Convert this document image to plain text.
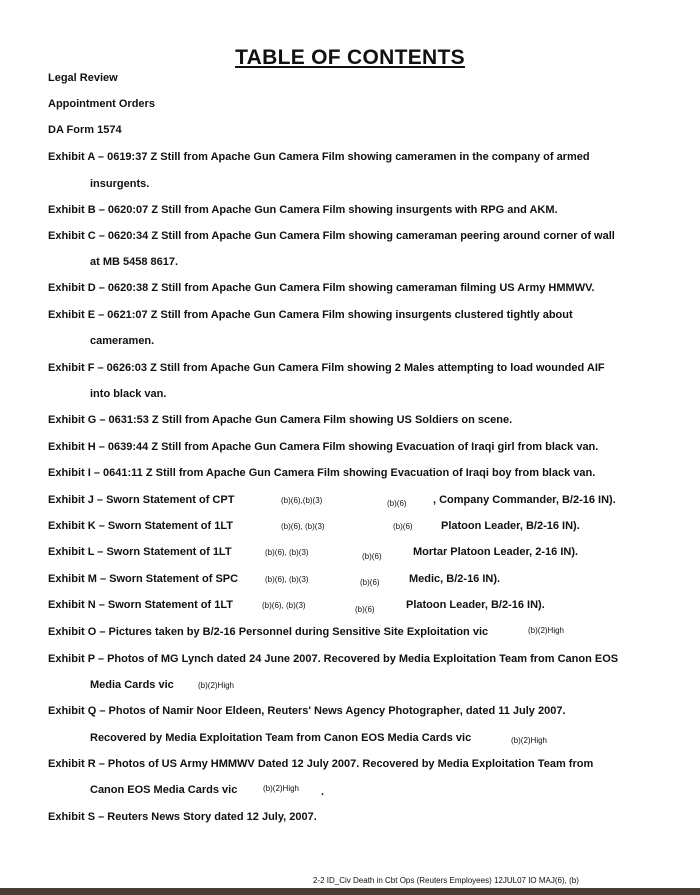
TABLE OF CONTENTS
Legal Review
Appointment Orders
DA Form 1574
Exhibit A – 0619:37 Z Still from Apache Gun Camera Film showing cameramen in the company of armed
insurgents.
Exhibit B – 0620:07 Z Still from Apache Gun Camera Film showing insurgents with RPG and AKM.
Exhibit C – 0620:34 Z Still from Apache Gun Camera Film showing cameraman peering around corner of wall
at MB 5458 8617.
Exhibit D – 0620:38 Z Still from Apache Gun Camera Film showing cameraman filming US Army HMMWV.
Exhibit E – 0621:07 Z Still from Apache Gun Camera Film showing insurgents clustered tightly about
cameramen.
Exhibit F – 0626:03 Z Still from Apache Gun Camera Film showing 2 Males attempting to load wounded AIF
into black van.
Exhibit G – 0631:53 Z Still from Apache Gun Camera Film showing US Soldiers on scene.
Exhibit H – 0639:44 Z Still from Apache Gun Camera Film showing Evacuation of Iraqi girl from black van.
Exhibit I – 0641:11 Z Still from Apache Gun Camera Film showing Evacuation of Iraqi boy from black van.
Exhibit J – Sworn Statement of CPT	(b)(6),(b)(3)	(b)(6) , Company Commander, B/2-16 IN).
Exhibit K – Sworn Statement of 1LT	(b)(6), (b)(3)	(b)(6)	Platoon Leader, B/2-16 IN).
Exhibit L – Sworn Statement of 1LT	(b)(6), (b)(3)	(b)(6)	Mortar Platoon Leader, 2-16 IN).
Exhibit M – Sworn Statement of SPC	(b)(6), (b)(3)	(b)(6)	Medic, B/2-16 IN).
Exhibit N – Sworn Statement of 1LT	(b)(6), (b)(3)	(b)(6)	Platoon Leader, B/2-16 IN).
Exhibit O – Pictures taken by B/2-16 Personnel during Sensitive Site Exploitation vic	(b)(2)High
Exhibit P – Photos of MG Lynch dated 24 June 2007. Recovered by Media Exploitation Team from Canon EOS
Media Cards vic	(b)(2)High
Exhibit Q – Photos of Namir Noor Eldeen, Reuters' News Agency Photographer, dated 11 July 2007.
Recovered by Media Exploitation Team from Canon EOS Media Cards vic	(b)(2)High
Exhibit R – Photos of US Army HMMWV Dated 12 July 2007. Recovered by Media Exploitation Team from
Canon EOS Media Cards vic	(b)(2)High .
Exhibit S – Reuters News Story dated 12 July, 2007.
2-2 ID_Civ Death in Cbt Ops (Reuters Employees) 12JUL07 IO MAJ(6), (b)
